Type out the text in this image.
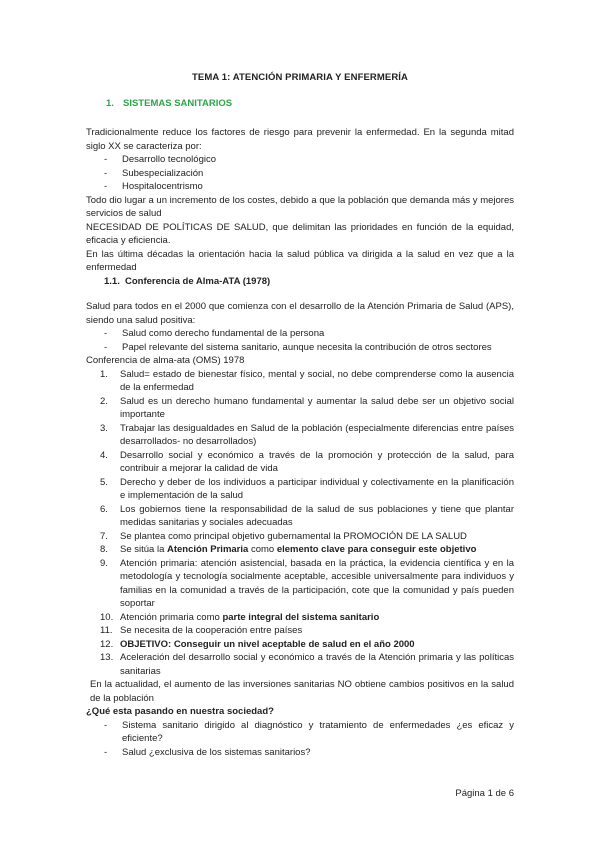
TEMA 1: ATENCIÓN PRIMARIA Y ENFERMERÍA
1. SISTEMAS SANITARIOS

Tradicionalmente reduce los factores de riesgo para prevenir la enfermedad. En la segunda mitad siglo XX se caracteriza por:

- Desarrollo tecnológico
- Subespecialización
- Hospitalocentrismo

Todo dio lugar a un incremento de los costes, debido a que la población que demanda más y mejores servicios de salud

NECESIDAD DE POLÍTICAS DE SALUD, que delimitan las prioridades en función de la equidad, eficacia y eficiencia.

En las última décadas la orientación hacia la salud pública va dirigida a la salud en vez que a la enfermedad

1.1. Conferencia de Alma-ATA (1978)

Salud para todos en el 2000 que comienza con el desarrollo de la Atención Primaria de Salud (APS), siendo una salud positiva:

- Salud como derecho fundamental de la persona
- Papel relevante del sistema sanitario, aunque necesita la contribución de otros sectores

Conferencia de alma-ata (OMS) 1978

1. Salud= estado de bienestar físico, mental y social, no debe comprenderse como la ausencia de la enfermedad
2. Salud es un derecho humano fundamental y aumentar la salud debe ser un objetivo social importante
3. Trabajar las desigualdades en Salud de la población (especialmente diferencias entre países desarrollados- no desarrollados)
4. Desarrollo social y económico a través de la promoción y protección de la salud, para contribuir a mejorar la calidad de vida
5. Derecho y deber de los individuos a participar individual y colectivamente en la planificación e implementación de la salud
6. Los gobiernos tiene la responsabilidad de la salud de sus poblaciones y tiene que plantar medidas sanitarias y sociales adecuadas
7. Se plantea como principal objetivo gubernamental la PROMOCIÓN DE LA SALUD
8. Se sitúa la Atención Primaria como elemento clave para conseguir este objetivo
9. Atención primaria: atención asistencial, basada en la práctica, la evidencia científica y en la metodología y tecnología socialmente aceptable, accesible universalmente para individuos y familias en la comunidad a través de la participación, cote que la comunidad y país pueden soportar
10. Atención primaria como parte integral del sistema sanitario
11. Se necesita de la cooperación entre países
12. OBJETIVO: Conseguir un nivel aceptable de salud en el año 2000
13. Aceleración del desarrollo social y económico a través de la Atención primaria y las políticas sanitarias

En la actualidad, el aumento de las inversiones sanitarias NO obtiene cambios positivos en la salud de la población

¿Qué esta pasando en nuestra sociedad?

- Sistema sanitario dirigido al diagnóstico y tratamiento de enfermedades ¿es eficaz y eficiente?
- Salud ¿exclusiva de los sistemas sanitarios?
Página 1 de 6
